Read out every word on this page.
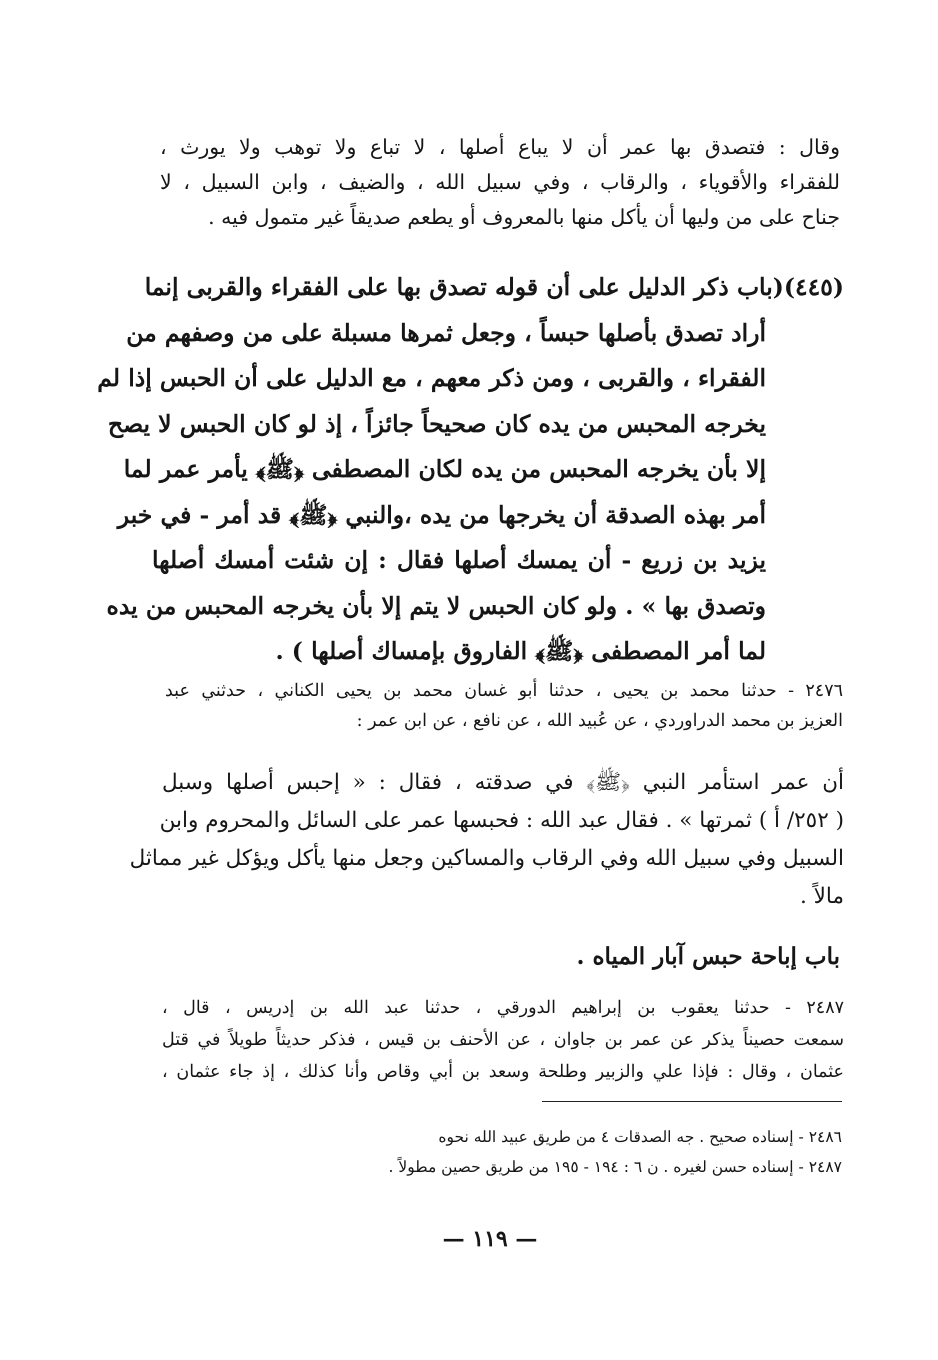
وقال : فتصدق بها عمر أن لا يباع أصلها ، لا تباع ولا توهب ولا يورث ،
للفقراء والأقوياء ، والرقاب ، وفي سبيل الله ، والضيف ، وابن السبيل ، لا
جناح على من وليها أن يأكل منها بالمعروف أو يطعم صديقاً غير متمول فيه .
(٤٤٥)(باب ذكر الدليل على أن قوله تصدق بها على الفقراء والقربى إنما
أراد تصدق بأصلها حبساً ، وجعل ثمرها مسبلة على من وصفهم من
الفقراء ، والقربى ، ومن ذكر معهم ، مع الدليل على أن الحبس إذا لم
يخرجه المحبس من يده كان صحيحاً جائزاً ، إذ لو كان الحبس لا يصح
إلا بأن يخرجه المحبس من يده لكان المصطفى ﴿ﷺ﴾ يأمر عمر لما
أمر بهذه الصدقة أن يخرجها من يده ،والنبي ﴿ﷺ﴾ قد أمر - في خبر
يزيد بن زريع - أن يمسك أصلها فقال : إن شئت أمسك أصلها
وتصدق بها » . ولو كان الحبس لا يتم إلا بأن يخرجه المحبس من يده
لما أمر المصطفى ﴿ﷺ﴾ الفاروق بإمساك أصلها ) .
٢٤٧٦ - حدثنا محمد بن يحيى ، حدثنا أبو غسان محمد بن يحيى الكناني ، حدثني عبد
العزيز بن محمد الدراوردي ، عن عُبيد الله ، عن نافع ، عن ابن عمر :
أن عمر استأمر النبي ﴿ﷺ﴾ في صدقته ، فقال : « إحبس أصلها وسبل
( ٢٥٢/ أ ) ثمرتها » . فقال عبد الله : فحبسها عمر على السائل والمحروم وابن
السبيل وفي سبيل الله وفي الرقاب والمساكين وجعل منها يأكل ويؤكل غير مماثل
مالاً .
باب إباحة حبس آبار المياه .
٢٤٨٧ - حدثنا يعقوب بن إبراهيم الدورقي ، حدثنا عبد الله بن إدريس ، قال ،
سمعت حصيناً يذكر عن عمر بن جاوان ، عن الأحنف بن قيس ، فذكر حديثاً طويلاً في قتل
عثمان ، وقال : فإذا علي والزبير وطلحة وسعد بن أبي وقاص وأنا كذلك ، إذ جاء عثمان ،
٢٤٨٦ - إسناده صحيح . جه الصدقات ٤ من طريق عبيد الله نحوه
٢٤٨٧ - إسناده حسن لغيره . ن ٦ : ١٩٤ - ١٩٥ من طريق حصين مطولاً .
— ١١٩ —
